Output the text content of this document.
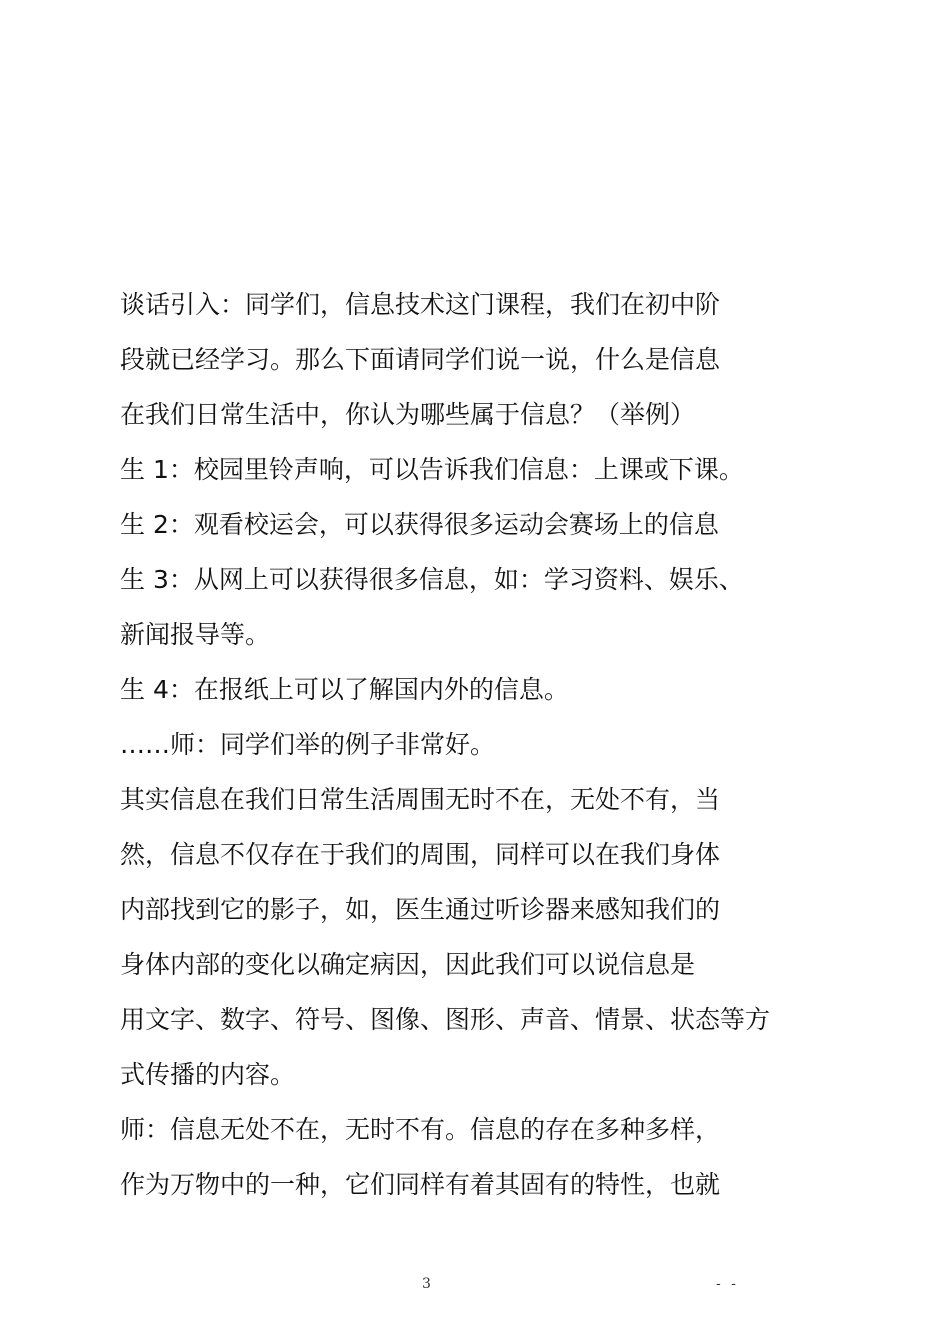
谈话引入：同学们，信息技术这门课程，我们在初中阶
段就已经学习。那么下面请同学们说一说，什么是信息
在我们日常生活中，你认为哪些属于信息？（举例）
生 1：校园里铃声响，可以告诉我们信息：上课或下课。
生 2：观看校运会，可以获得很多运动会赛场上的信息
生 3：从网上可以获得很多信息，如：学习资料、娱乐、
新闻报导等。
生 4：在报纸上可以了解国内外的信息。
……师：同学们举的例子非常好。
其实信息在我们日常生活周围无时不在，无处不有，当
然，信息不仅存在于我们的周围，同样可以在我们身体
内部找到它的影子，如，医生通过听诊器来感知我们的
身体内部的变化以确定病因，因此我们可以说信息是
用文字、数字、符号、图像、图形、声音、情景、状态等方
式传播的内容。
师：信息无处不在，无时不有。信息的存在多种多样，
作为万物中的一种，它们同样有着其固有的特性，也就
3	- -
